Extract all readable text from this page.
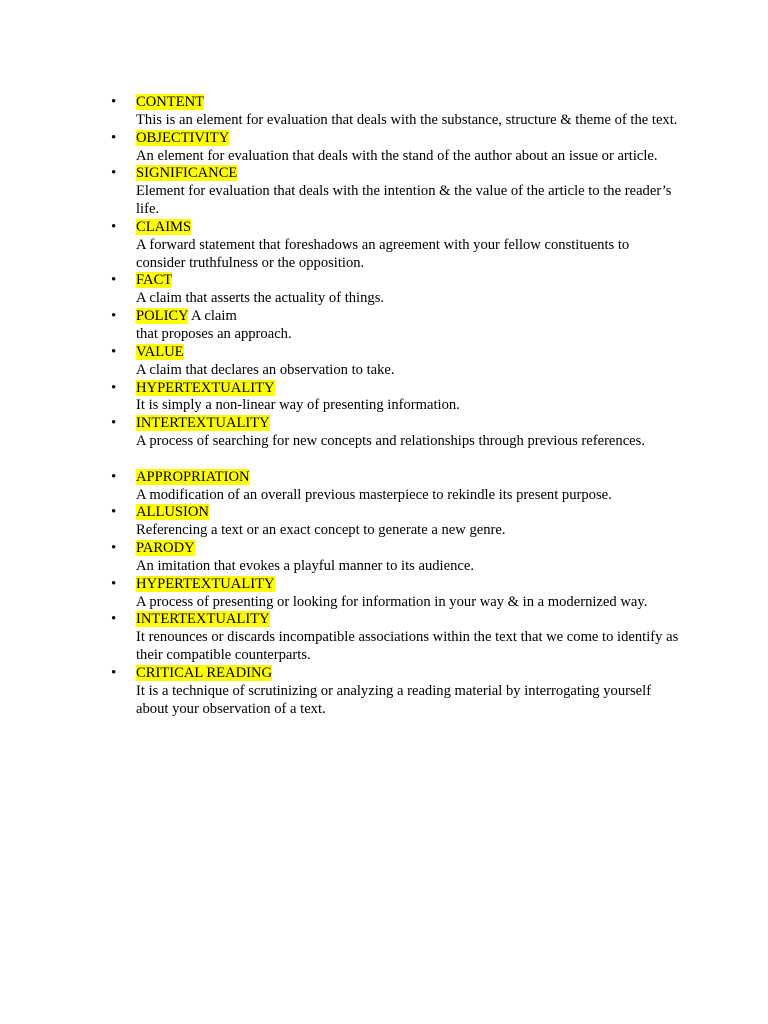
• CONTENT
This is an element for evaluation that deals with the substance, structure & theme of the text.
• OBJECTIVITY
An element for evaluation that deals with the stand of the author about an issue or article.
• SIGNIFICANCE
Element for evaluation that deals with the intention & the value of the article to the reader’s life.
• CLAIMS
A forward statement that foreshadows an agreement with your fellow constituents to consider truthfulness or the opposition.
• FACT
A claim that asserts the actuality of things.
• POLICY A claim
that proposes an approach.
• VALUE
A claim that declares an observation to take.
• HYPERTEXTUALITY
It is simply a non-linear way of presenting information.
• INTERTEXTUALITY
A process of searching for new concepts and relationships through previous references.
• APPROPRIATION
A modification of an overall previous masterpiece to rekindle its present purpose.
• ALLUSION
Referencing a text or an exact concept to generate a new genre.
• PARODY
An imitation that evokes a playful manner to its audience.
• HYPERTEXTUALITY
A process of presenting or looking for information in your way & in a modernized way.
• INTERTEXTUALITY
It renounces or discards incompatible associations within the text that we come to identify as their compatible counterparts.
• CRITICAL READING
It is a technique of scrutinizing or analyzing a reading material by interrogating yourself about your observation of a text.
